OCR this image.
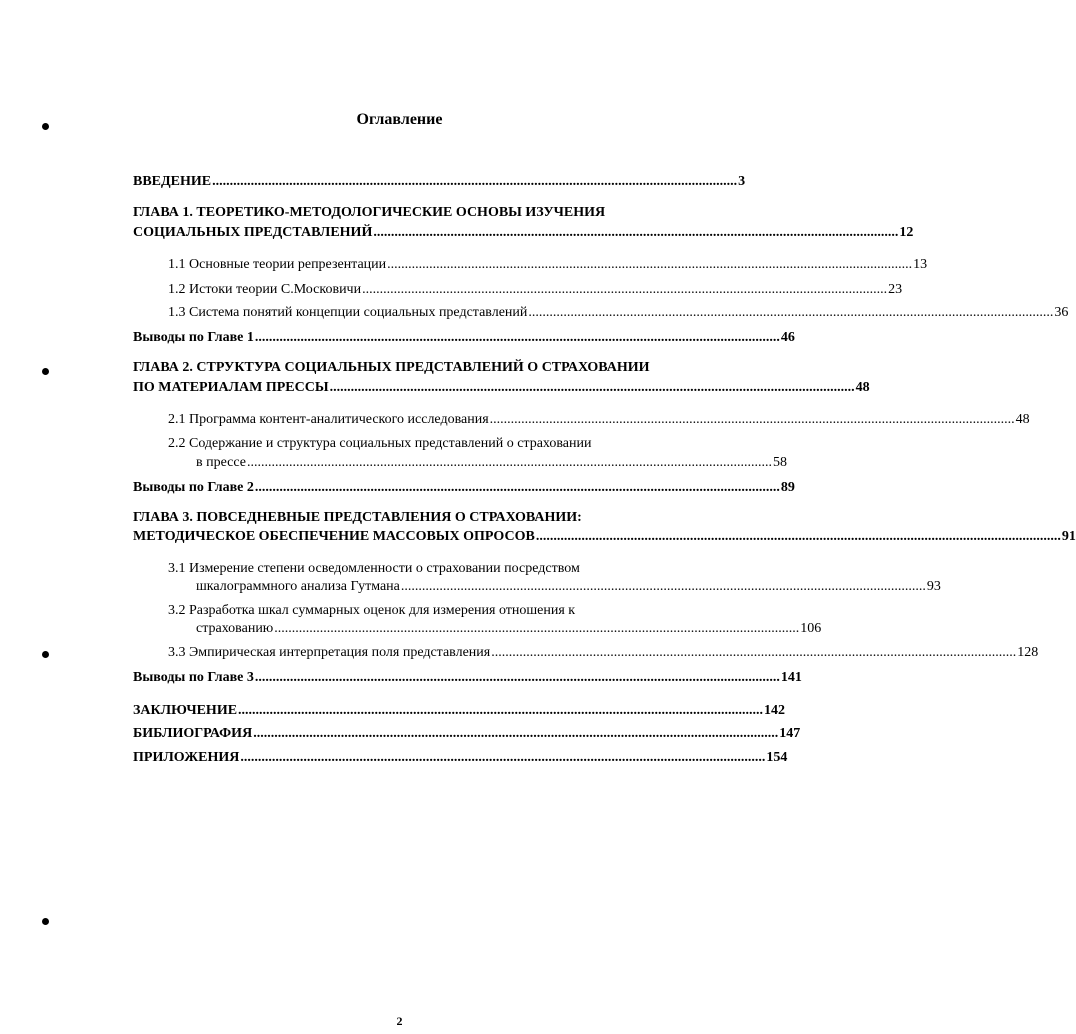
Оглавление
ВВЕДЕНИЕ ...................................................................................................................................................... 3
ГЛАВА 1. ТЕОРЕТИКО-МЕТОДОЛОГИЧЕСКИЕ ОСНОВЫ ИЗУЧЕНИЯ
СОЦИАЛЬНЫХ ПРЕДСТАВЛЕНИЙ ...................................................................................................................................................... 12
1.1 Основные теории репрезентации ...................................................................................................................................................... 13
1.2 Истоки теории С.Московичи ...................................................................................................................................................... 23
1.3 Система понятий концепции социальных представлений ...................................................................................................................................................... 36
Выводы по Главе 1 ...................................................................................................................................................... 46
ГЛАВА 2. СТРУКТУРА СОЦИАЛЬНЫХ ПРЕДСТАВЛЕНИЙ О СТРАХОВАНИИ
ПО МАТЕРИАЛАМ ПРЕССЫ ...................................................................................................................................................... 48
2.1 Программа контент-аналитического исследования ...................................................................................................................................................... 48
2.2 Содержание и структура социальных представлений о страховании
в прессе ...................................................................................................................................................... 58
Выводы по Главе 2 ...................................................................................................................................................... 89
ГЛАВА 3. ПОВСЕДНЕВНЫЕ ПРЕДСТАВЛЕНИЯ О СТРАХОВАНИИ:
МЕТОДИЧЕСКОЕ ОБЕСПЕЧЕНИЕ МАССОВЫХ ОПРОСОВ ...................................................................................................................................................... 91
3.1 Измерение степени осведомленности о страховании посредством
шкалограммного анализа Гутмана ...................................................................................................................................................... 93
3.2 Разработка шкал суммарных оценок для измерения отношения к
страхованию ...................................................................................................................................................... 106
3.3 Эмпирическая интерпретация поля представления ...................................................................................................................................................... 128
Выводы по Главе 3 ...................................................................................................................................................... 141
ЗАКЛЮЧЕНИЕ ...................................................................................................................................................... 142
БИБЛИОГРАФИЯ ...................................................................................................................................................... 147
ПРИЛОЖЕНИЯ ...................................................................................................................................................... 154
2
